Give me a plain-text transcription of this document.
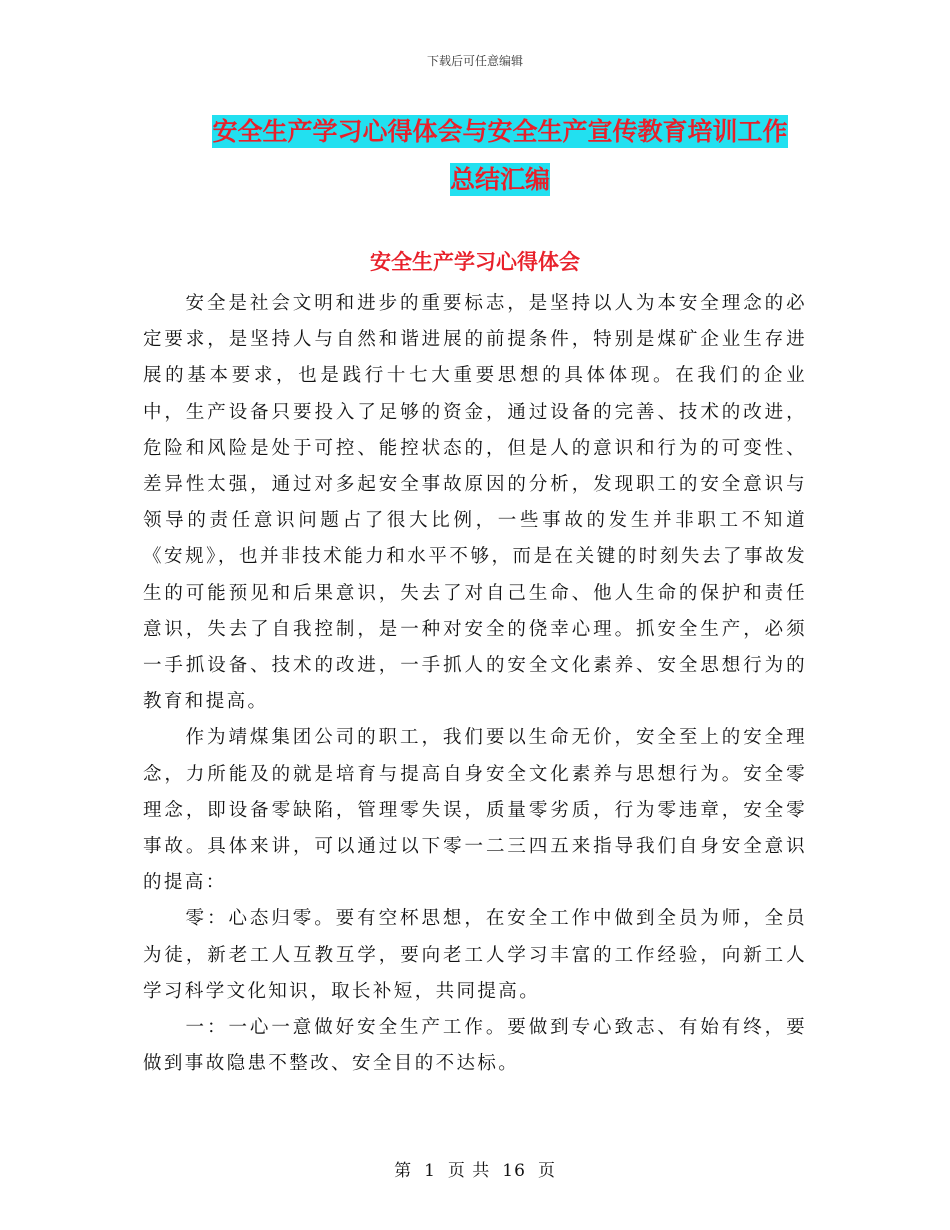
下载后可任意编辑
安全生产学习心得体会与安全生产宣传教育培训工作
总结汇编
安全生产学习心得体会

安全是社会文明和进步的重要标志，是坚持以人为本安全理念的必定要求，是坚持人与自然和谐进展的前提条件，特别是煤矿企业生存进展的基本要求，也是践行十七大重要思想的具体体现。在我们的企业中，生产设备只要投入了足够的资金，通过设备的完善、技术的改进，危险和风险是处于可控、能控状态的，但是人的意识和行为的可变性、差异性太强，通过对多起安全事故原因的分析，发现职工的安全意识与领导的责任意识问题占了很大比例，一些事故的发生并非职工不知道《安规》，也并非技术能力和水平不够，而是在关键的时刻失去了事故发生的可能预见和后果意识，失去了对自己生命、他人生命的保护和责任意识，失去了自我控制，是一种对安全的侥幸心理。抓安全生产，必须一手抓设备、技术的改进，一手抓人的安全文化素养、安全思想行为的教育和提高。

作为靖煤集团公司的职工，我们要以生命无价，安全至上的安全理念，力所能及的就是培育与提高自身安全文化素养与思想行为。安全零理念，即设备零缺陷，管理零失误，质量零劣质，行为零违章，安全零事故。具体来讲，可以通过以下零一二三四五来指导我们自身安全意识的提高：

零：心态归零。要有空杯思想，在安全工作中做到全员为师，全员为徒，新老工人互教互学，要向老工人学习丰富的工作经验，向新工人学习科学文化知识，取长补短，共同提高。

一：一心一意做好安全生产工作。要做到专心致志、有始有终，要做到事故隐患不整改、安全目的不达标。

第 1 页 共 16 页
